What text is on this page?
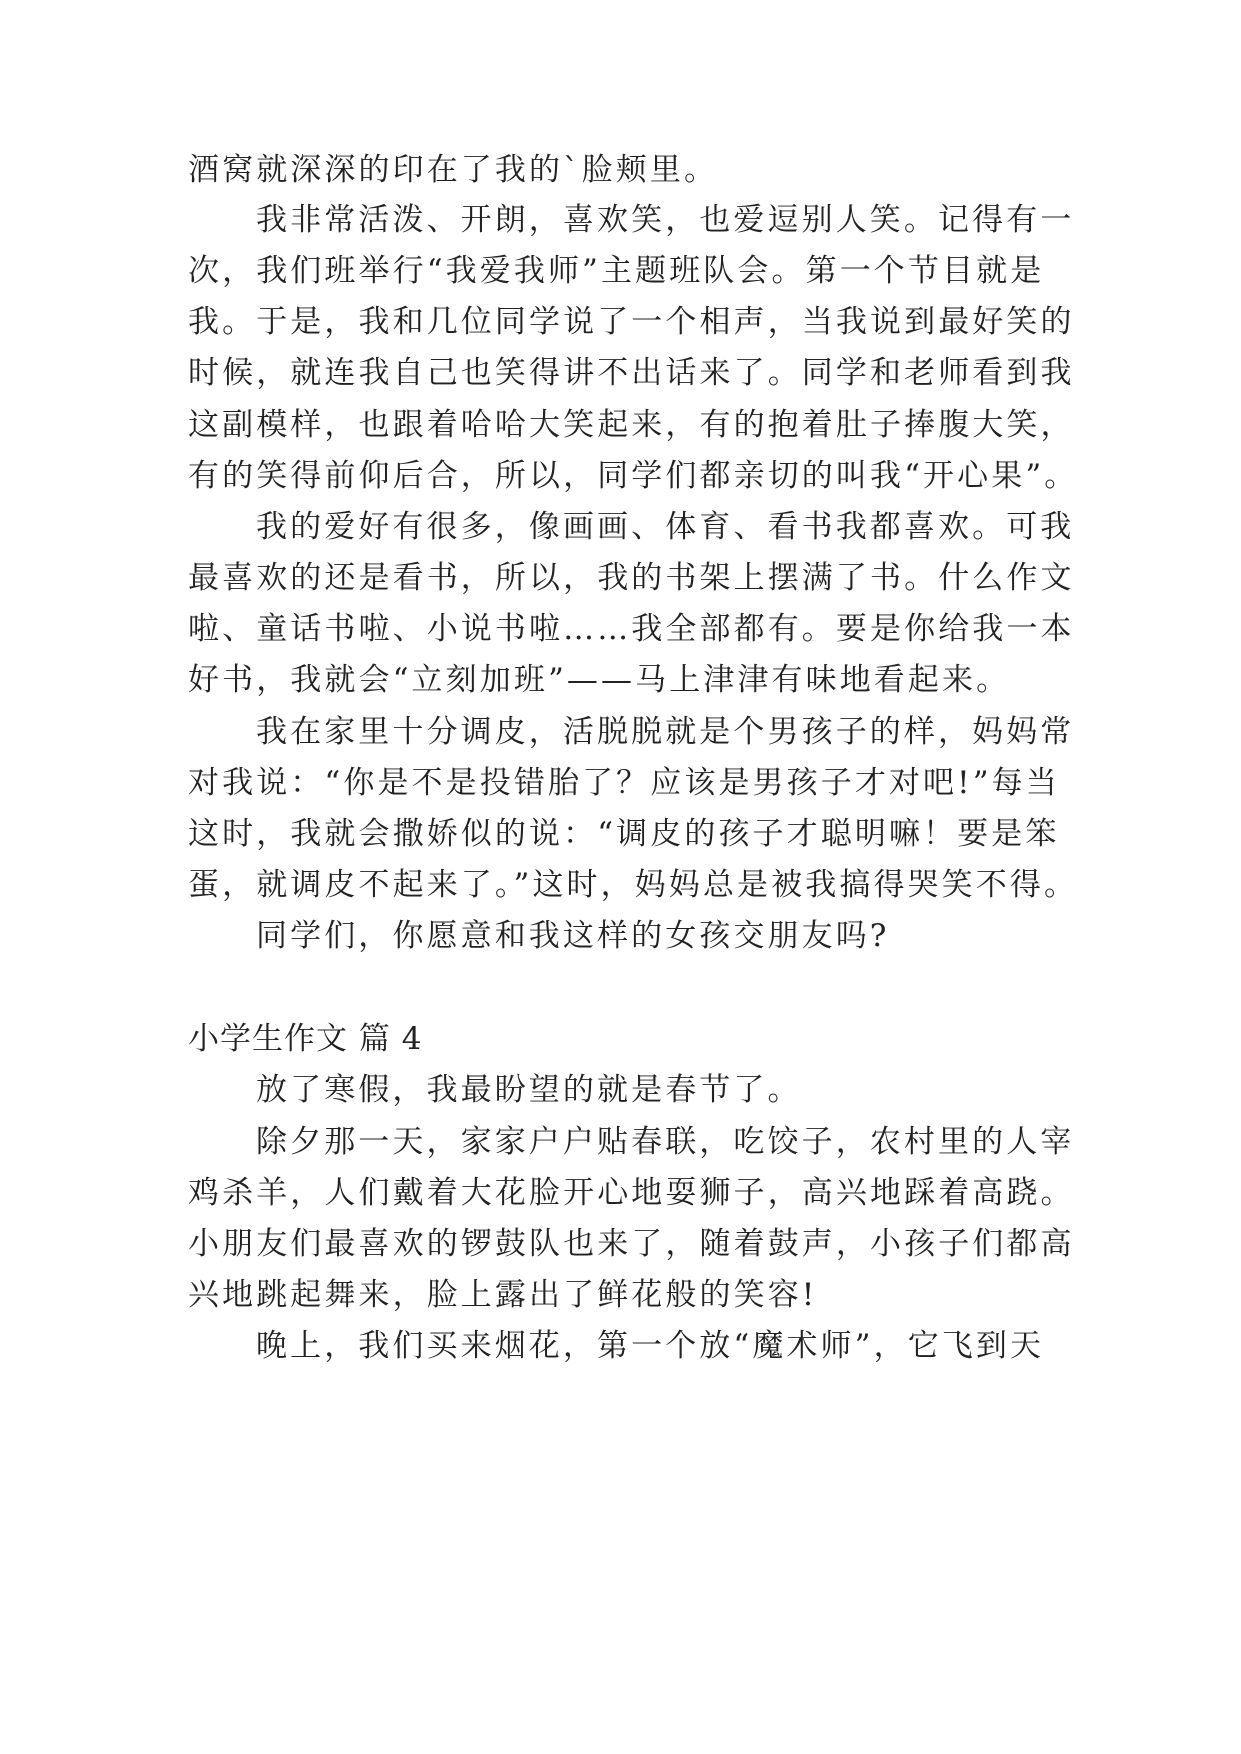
酒窝就深深的印在了我的`脸颊里。
我非常活泼、开朗，喜欢笑，也爱逗别人笑。记得有一
次，我们班举行“我爱我师”主题班队会。第一个节目就是
我。于是，我和几位同学说了一个相声，当我说到最好笑的
时候，就连我自己也笑得讲不出话来了。同学和老师看到我
这副模样，也跟着哈哈大笑起来，有的抱着肚子捧腹大笑，
有的笑得前仰后合，所以，同学们都亲切的叫我“开心果”。
我的爱好有很多，像画画、体育、看书我都喜欢。可我
最喜欢的还是看书，所以，我的书架上摆满了书。什么作文
啦、童话书啦、小说书啦……我全部都有。要是你给我一本
好书，我就会“立刻加班”——马上津津有味地看起来。
我在家里十分调皮，活脱脱就是个男孩子的样，妈妈常
对我说：“你是不是投错胎了？应该是男孩子才对吧!”每当
这时，我就会撒娇似的说：“调皮的孩子才聪明嘛！要是笨
蛋，就调皮不起来了。”这时，妈妈总是被我搞得哭笑不得。
同学们，你愿意和我这样的女孩交朋友吗?
小学生作文 篇 4
放了寒假，我最盼望的就是春节了。
除夕那一天，家家户户贴春联，吃饺子，农村里的人宰
鸡杀羊，人们戴着大花脸开心地耍狮子，高兴地踩着高跷。
小朋友们最喜欢的锣鼓队也来了，随着鼓声，小孩子们都高
兴地跳起舞来，脸上露出了鲜花般的笑容!
晚上，我们买来烟花，第一个放“魔术师”，它飞到天
